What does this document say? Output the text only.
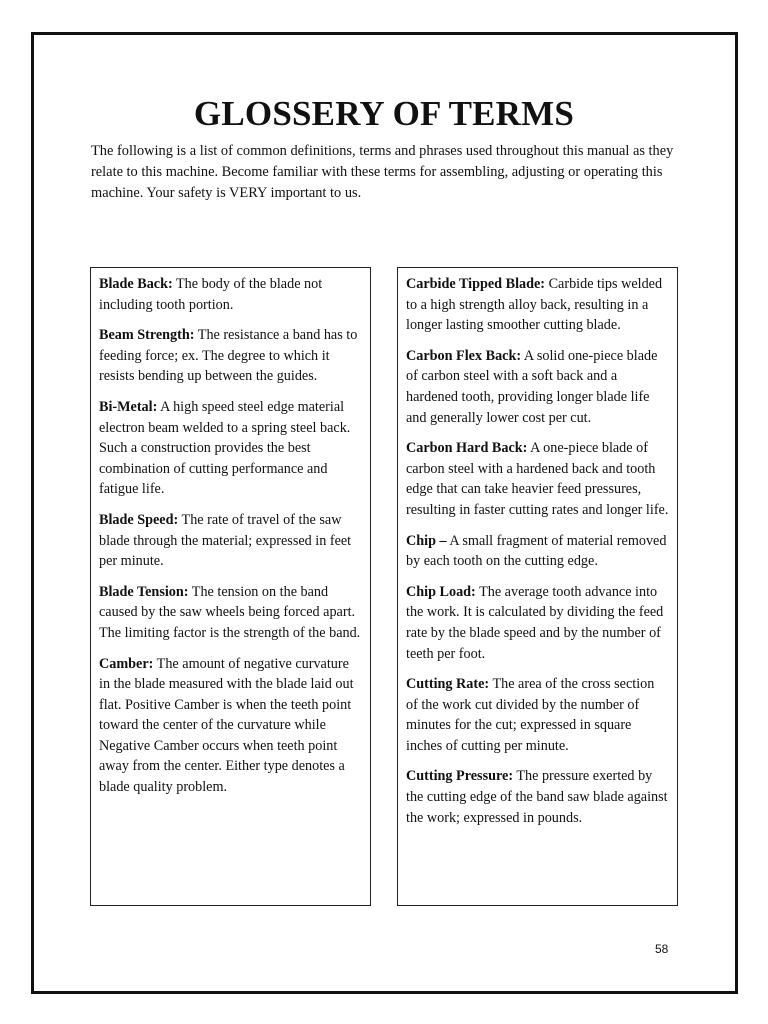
GLOSSERY OF TERMS

The following is a list of common definitions, terms and phrases used throughout this manual as they relate to this machine. Become familiar with these terms for assembling, adjusting or operating this machine. Your safety is VERY important to us.

Blade Back: The body of the blade not including tooth portion.

Beam Strength: The resistance a band has to feeding force; ex. The degree to which it resists bending up between the guides.

Bi-Metal: A high speed steel edge material electron beam welded to a spring steel back. Such a construction provides the best combination of cutting performance and fatigue life.

Blade Speed: The rate of travel of the saw blade through the material; expressed in feet per minute.

Blade Tension: The tension on the band caused by the saw wheels being forced apart. The limiting factor is the strength of the band.

Camber: The amount of negative curvature in the blade measured with the blade laid out flat. Positive Camber is when the teeth point toward the center of the curvature while Negative Camber occurs when teeth point away from the center. Either type denotes a blade quality problem.

Carbide Tipped Blade: Carbide tips welded to a high strength alloy back, resulting in a longer lasting smoother cutting blade.

Carbon Flex Back: A solid one-piece blade of carbon steel with a soft back and a hardened tooth, providing longer blade life and generally lower cost per cut.

Carbon Hard Back: A one-piece blade of carbon steel with a hardened back and tooth edge that can take heavier feed pressures, resulting in faster cutting rates and longer life.

Chip – A small fragment of material removed by each tooth on the cutting edge.

Chip Load: The average tooth advance into the work. It is calculated by dividing the feed rate by the blade speed and by the number of teeth per foot.

Cutting Rate: The area of the cross section of the work cut divided by the number of minutes for the cut; expressed in square inches of cutting per minute.

Cutting Pressure: The pressure exerted by the cutting edge of the band saw blade against the work; expressed in pounds.

58
